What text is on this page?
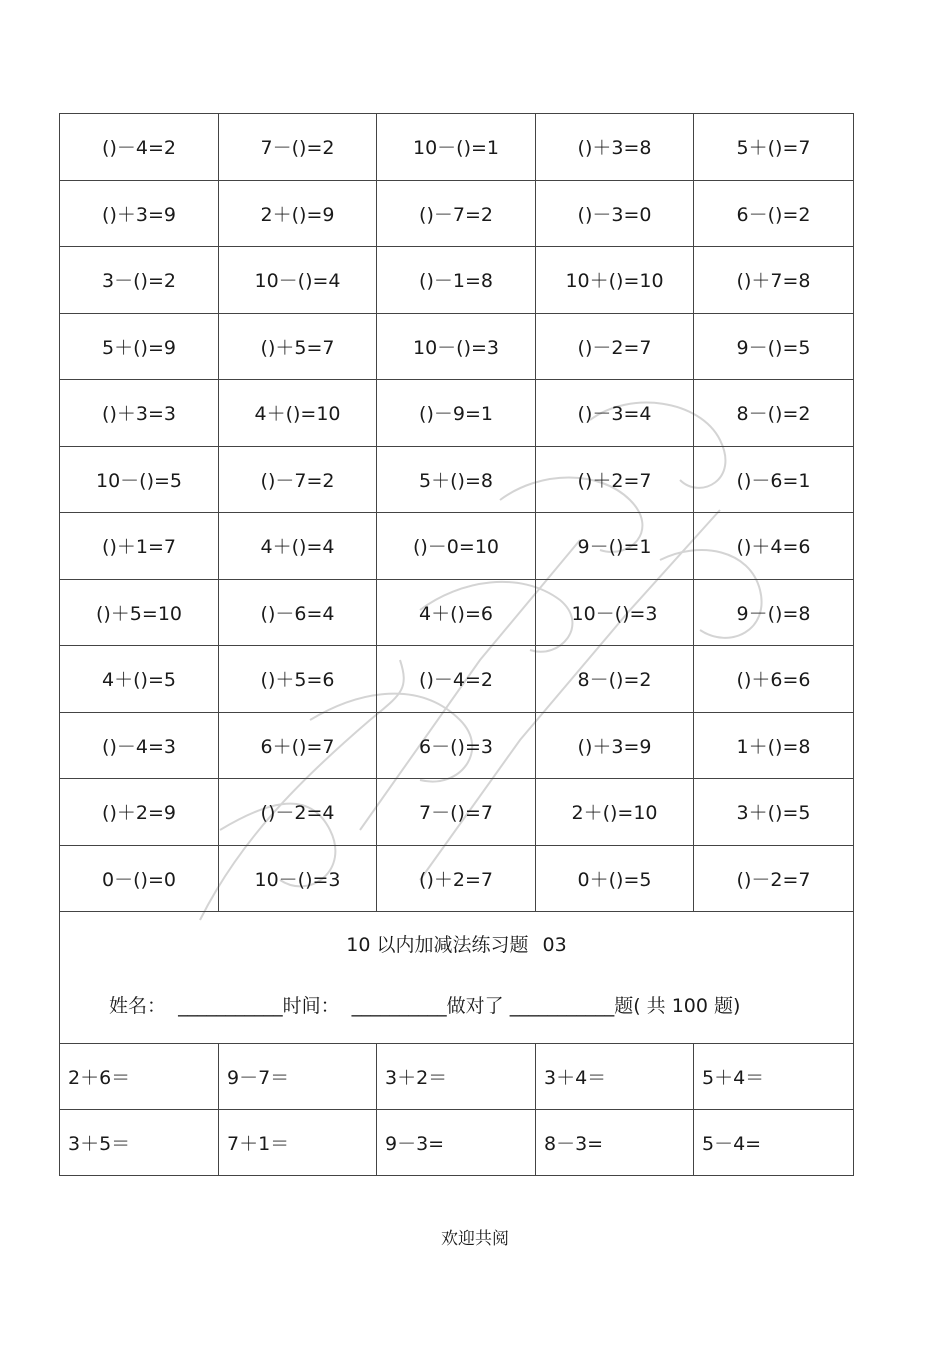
()－4=2	7－()=2	10－()=1	()＋3=8	5＋()=7
()＋3=9	2＋()=9	()－7=2	()－3=0	6－()=2
3－()=2	10－()=4	()－1=8	10＋()=10	()＋7=8
5＋()=9	()＋5=7	10－()=3	()－2=7	9－()=5
()＋3=3	4＋()=10	()－9=1	()－3=4	8－()=2
10－()=5	()－7=2	5＋()=8	()＋2=7	()－6=1
()＋1=7	4＋()=4	()－0=10	9－()=1	()＋4=6
()＋5=10	()－6=4	4＋()=6	10－()=3	9－()=8
4＋()=5	()＋5=6	()－4=2	8－()=2	()＋6=6
()－4=3	6＋()=7	6－()=3	()＋3=9	1＋()=8
()＋2=9	()－2=4	7－()=7	2＋()=10	3＋()=5
0－()=0	10－()=3	()＋2=7	0＋()=5	()－2=7

10 以内加减法练习题 03
姓名：  ___________时间：  __________做对了 ___________题( 共 100 题)				

2＋6＝	9－7＝	3＋2＝	3＋4＝	5＋4＝
3＋5＝	7＋1＝	9－3=	8－3=	5－4=
欢迎共阅
